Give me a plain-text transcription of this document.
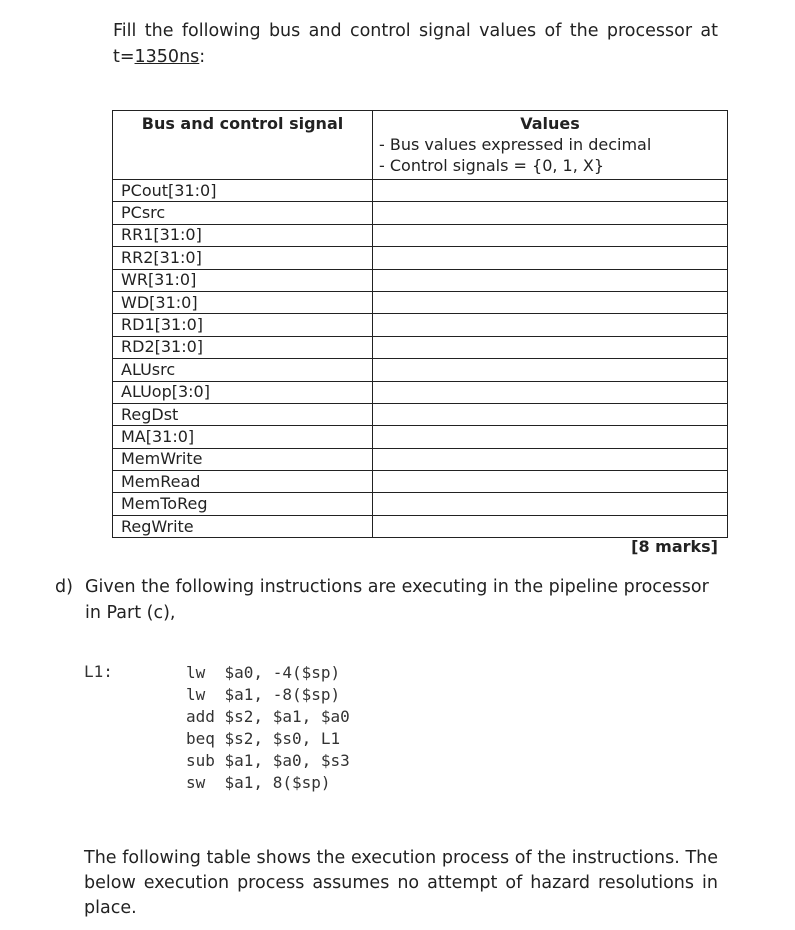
Fill the following bus and control signal values of the processor at t=1350ns:
Bus and control signal	Values
- Bus values expressed in decimal
- Control signals = {0, 1, X}

PCout[31:0]	
PCsrc	
RR1[31:0]	
RR2[31:0]	
WR[31:0]	
WD[31:0]	
RD1[31:0]	
RD2[31:0]	
ALUsrc	
ALUop[3:0]	
RegDst	
MA[31:0]	
MemWrite	
MemRead	
MemToReg	
RegWrite	
[8 marks]
d) Given the following instructions are executing in the pipeline processor in Part (c),
L1:	lw  $a0, -4($sp)
lw  $a1, -8($sp)
add $s2, $a1, $a0
beq $s2, $s0, L1
sub $a1, $a0, $s3
sw  $a1, 8($sp)
The following table shows the execution process of the instructions. The below execution process assumes no attempt of hazard resolutions in place.
